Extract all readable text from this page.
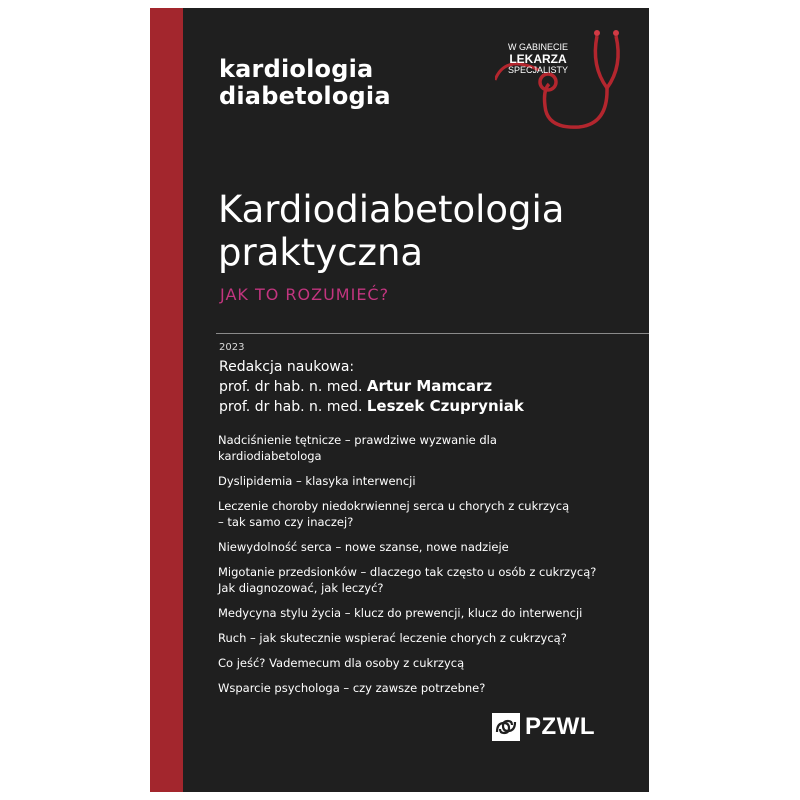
kardiologia
diabetologia
W GABINECIE
LEKARZA
SPECJALISTY
Kardiodiabetologia
praktyczna
JAK TO ROZUMIEĆ?
2023
Redakcja naukowa:
prof. dr hab. n. med. Artur Mamcarz
prof. dr hab. n. med. Leszek Czupryniak
Nadciśnienie tętnicze – prawdziwe wyzwanie dla
kardiodiabetologa
Dyslipidemia – klasyka interwencji
Leczenie choroby niedokrwiennej serca u chorych z cukrzycą
– tak samo czy inaczej?
Niewydolność serca – nowe szanse, nowe nadzieje
Migotanie przedsionków – dlaczego tak często u osób z cukrzycą?
Jak diagnozować, jak leczyć?
Medycyna stylu życia – klucz do prewencji, klucz do interwencji
Ruch – jak skutecznie wspierać leczenie chorych z cukrzycą?
Co jeść? Vademecum dla osoby z cukrzycą
Wsparcie psychologa – czy zawsze potrzebne?
PZWL
